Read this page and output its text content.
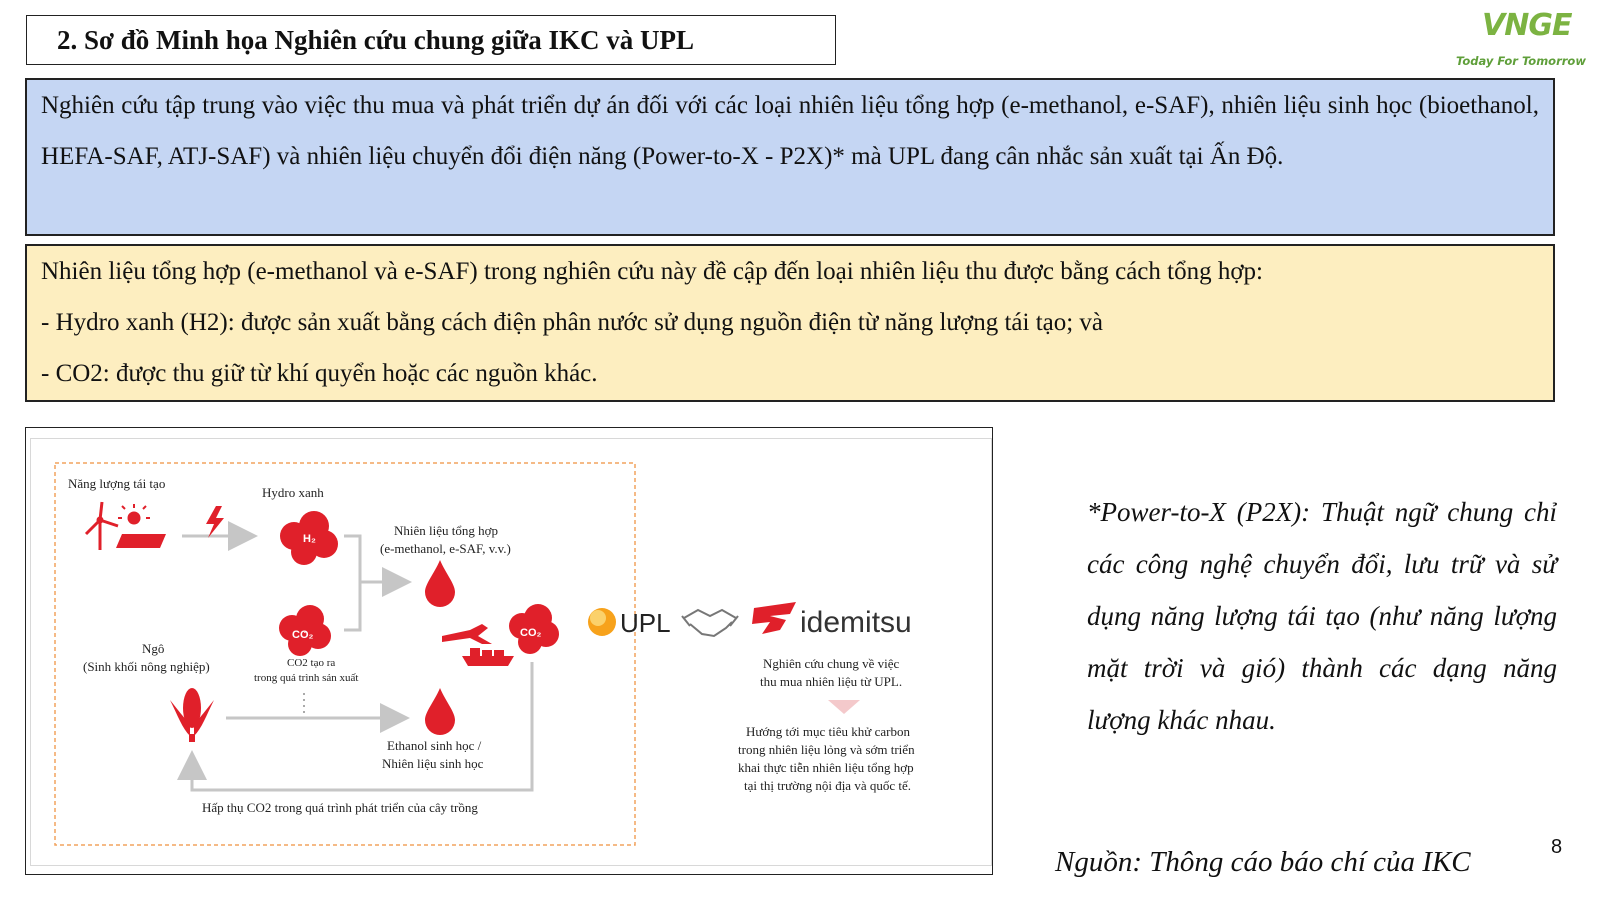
2. Sơ đồ Minh họa Nghiên cứu chung giữa IKC và UPL	VNGE
Today For Tomorrow
Nghiên cứu tập trung vào việc thu mua và phát triển dự án đối với các loại nhiên liệu tổng hợp (e-methanol, e-SAF), nhiên liệu sinh học (bioethanol, HEFA-SAF, ATJ-SAF) và nhiên liệu chuyển đổi điện năng (Power-to-X - P2X)* mà UPL đang cân nhắc sản xuất tại Ấn Độ.
Nhiên liệu tổng hợp (e-methanol và e-SAF) trong nghiên cứu này đề cập đến loại nhiên liệu thu được bằng cách tổng hợp:
- Hydro xanh (H2): được sản xuất bằng cách điện phân nước sử dụng nguồn điện từ năng lượng tái tạo; và
- CO2: được thu giữ từ khí quyển hoặc các nguồn khác.
Năng lượng tái tạo
Hydro xanh
H₂
Nhiên liệu tổng hợp
(e-methanol, e-SAF, v.v.)
CO₂
CO2 tạo ra
trong quá trình sản xuất
CO₂
Ngô
(Sinh khối nông nghiệp)
Ethanol sinh học /
Nhiên liệu sinh học
Hấp thụ CO2 trong quá trình phát triển của cây trồng
UPL	idemitsu
Nghiên cứu chung về việc
thu mua nhiên liệu từ UPL.
Hướng tới mục tiêu khử carbon
trong nhiên liệu lỏng và sớm triển
khai thực tiễn nhiên liệu tổng hợp
tại thị trường nội địa và quốc tế.
*Power-to-X (P2X): Thuật ngữ chung chỉ các công nghệ chuyển đổi, lưu trữ và sử dụng năng lượng tái tạo (như năng lượng mặt trời và gió) thành các dạng năng lượng khác nhau.
Nguồn: Thông cáo báo chí của IKC	8
